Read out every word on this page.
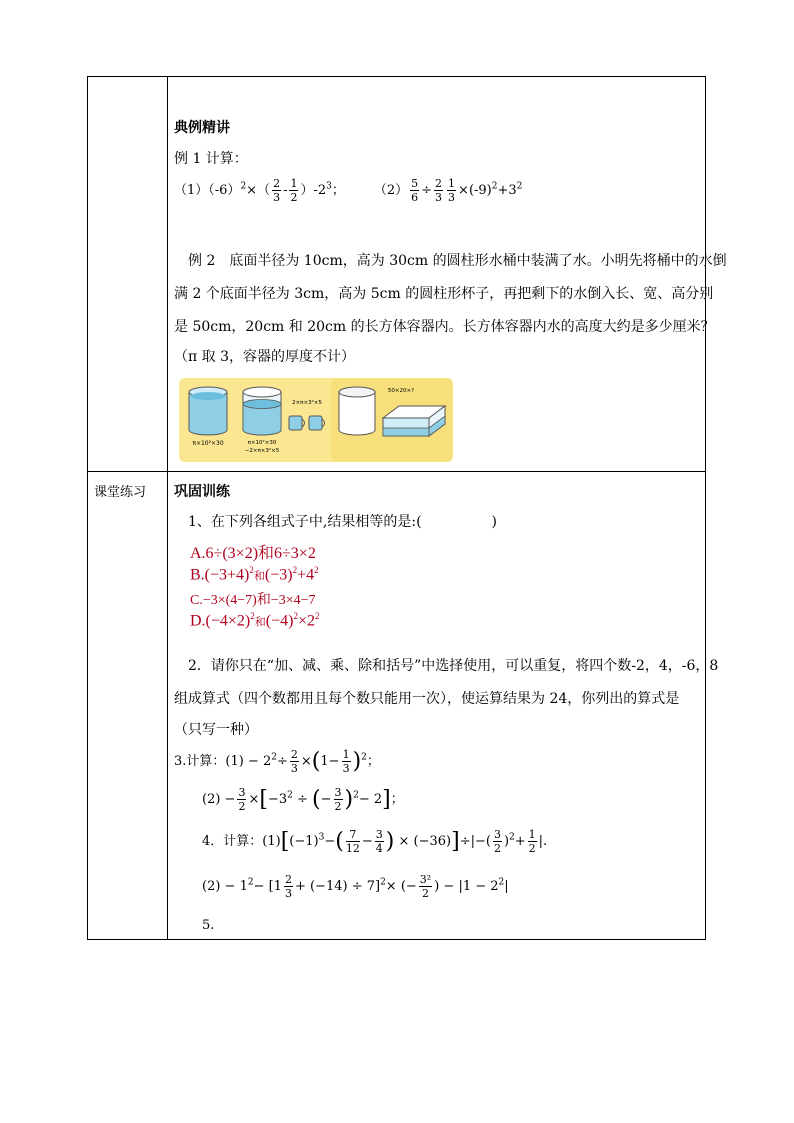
典例精讲
例 1 计算：
$(1)(-6)^2\times( \frac{2}{3} - \frac{1}{2} )-2^3$； $(2) \frac{5}{6} \div \frac{2}{3} \frac{1}{3} \times(-9)^2+3^2$
例 2　底面半径为 10cm，高为 30cm 的圆柱形水桶中装满了水。小明先将桶中的水倒
满 2 个底面半径为 3cm，高为 5cm 的圆柱形杯子，再把剩下的水倒入长、宽、高分别
是 50cm，20cm 和 20cm 的长方体容器内。长方体容器内水的高度大约是多少厘米？
（π 取 3，容器的厚度不计）
π×10²×30	π×10²×30
−2×π×3²×5
2×π×3²×5
50×20×?
课堂练习 巩固训练
1、在下列各组式子中,结果相等的是:(　　　　　)
A.6÷(3×2)和6÷3×2
$B.(-3+4)^2$和$(-3)^2+4^2$
C.−3×(4−7)和−3×4−7
$D.(-4\times 2)^2$和$(-4)^2\times 2^2$
2．请你只在“加、减、乘、除和括号”中选择使用，可以重复，将四个数-2，4，-6，8
组成算式（四个数都用且每个数只能用一次），使运算结果为 24，你列出的算式是
（只写一种）
3.计算：$(1) - 2^2\div \frac{2}{3} \times(1- \frac{1}{3} )^2$；
$(2) - \frac{3}{2} \times[-3^2$ ÷ (− $\frac{3}{2} )^2- 2$]；
4．计算：$(1)[(-1)^3-( \frac{7}{12} - \frac{3}{4}$ ) × $(-36)]\div|-( \frac{3}{2} )^2+ \frac{1}{2}$ |.
$(2) - 1^2- [1 \frac{2}{3} + (-14) \div 7]^2\times$ (− $\frac{\text{3²}}{2}$ ) − $|1 - 2^2|$
5.
